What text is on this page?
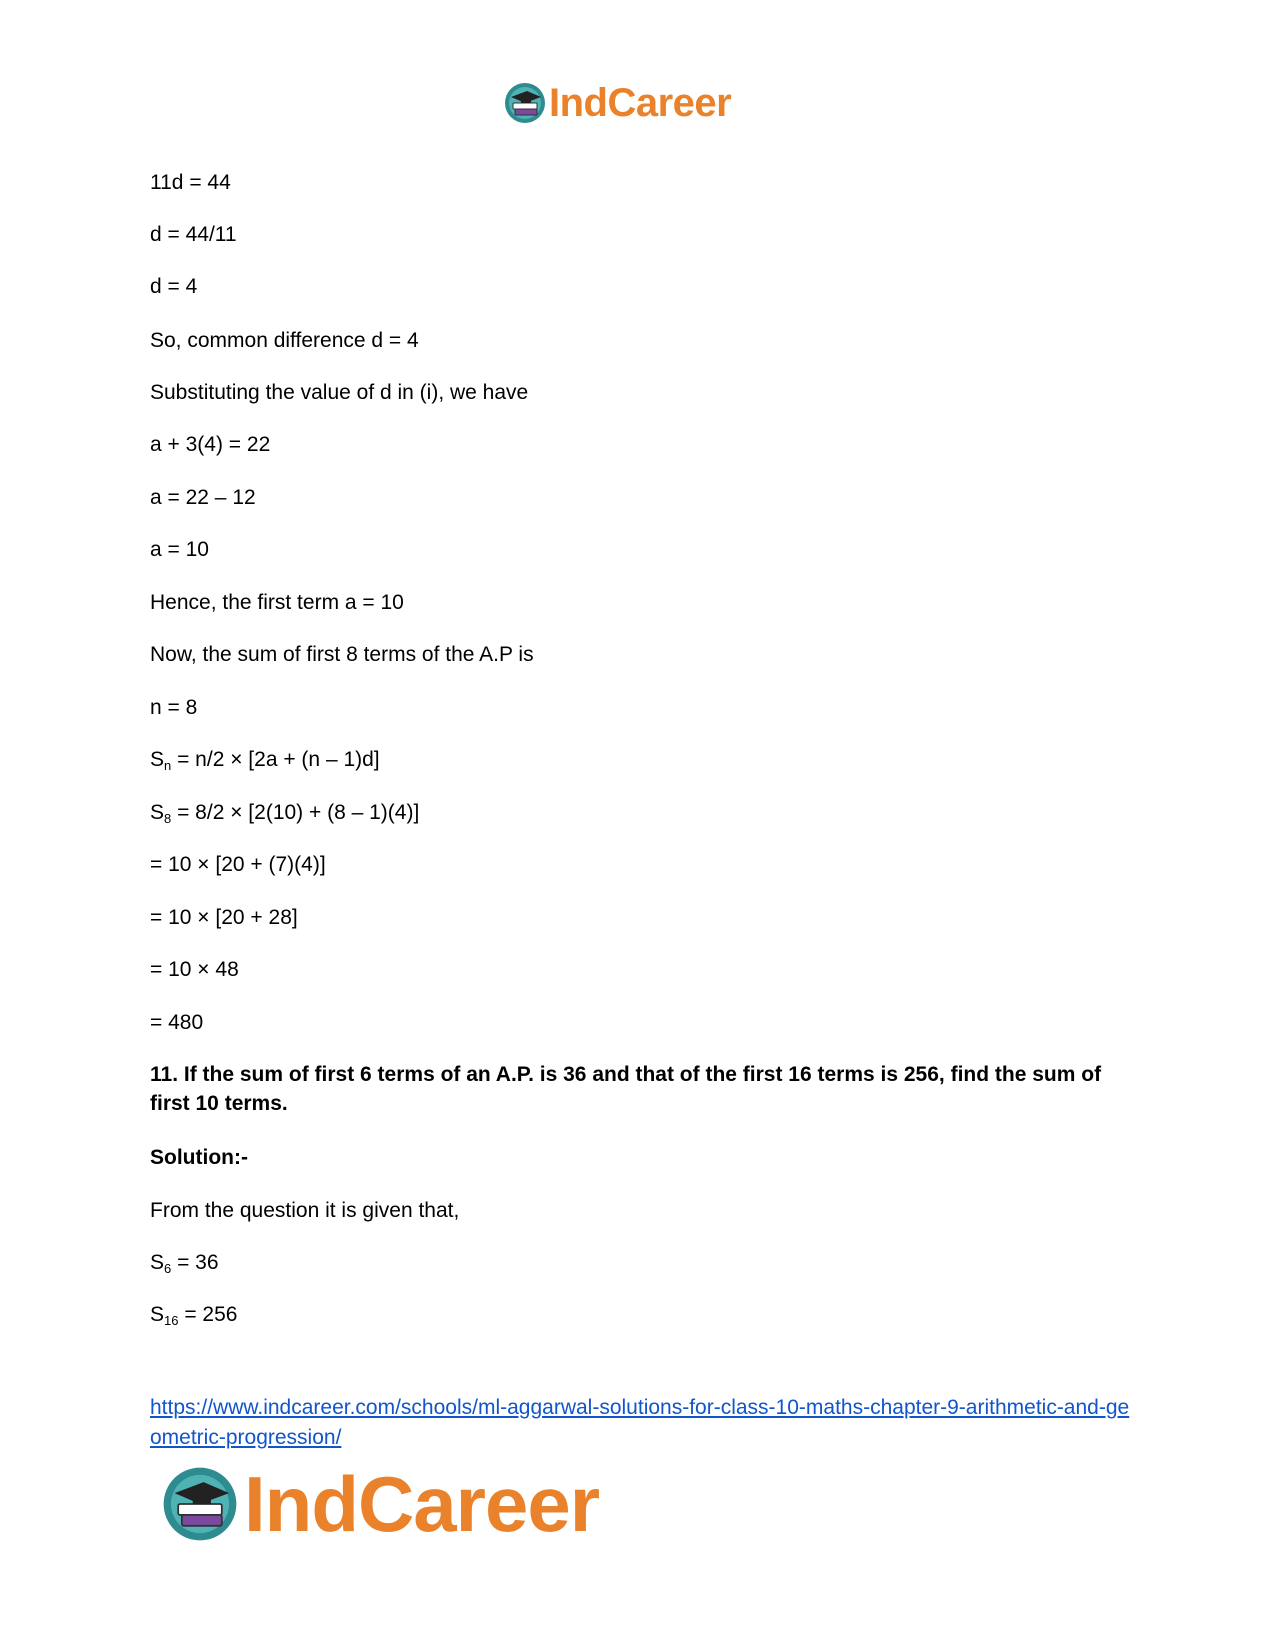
IndCareer
11d = 44
d = 44/11
d = 4
So, common difference d = 4
Substituting the value of d in (i), we have
a + 3(4) = 22
a = 22 – 12
a = 10
Hence, the first term a = 10
Now, the sum of first 8 terms of the A.P is
n = 8
$S_n = n/2 \times [2a + (n - 1)d]$
$S_8 = 8/2 \times [2(10) + (8 - 1)(4)]$
= 10 × [20 + (7)(4)]
= 10 × [20 + 28]
= 10 × 48
= 480
11. If the sum of first 6 terms of an A.P. is 36 and that of the first 16 terms is 256, find the sum of first 10 terms.
Solution:-
From the question it is given that,
$S_6 = 36$
$S_{16} = 256$
https://www.indcareer.com/schools/ml-aggarwal-solutions-for-class-10-maths-chapter-9-arithmetic-and-geometric-progression/
IndCareer
